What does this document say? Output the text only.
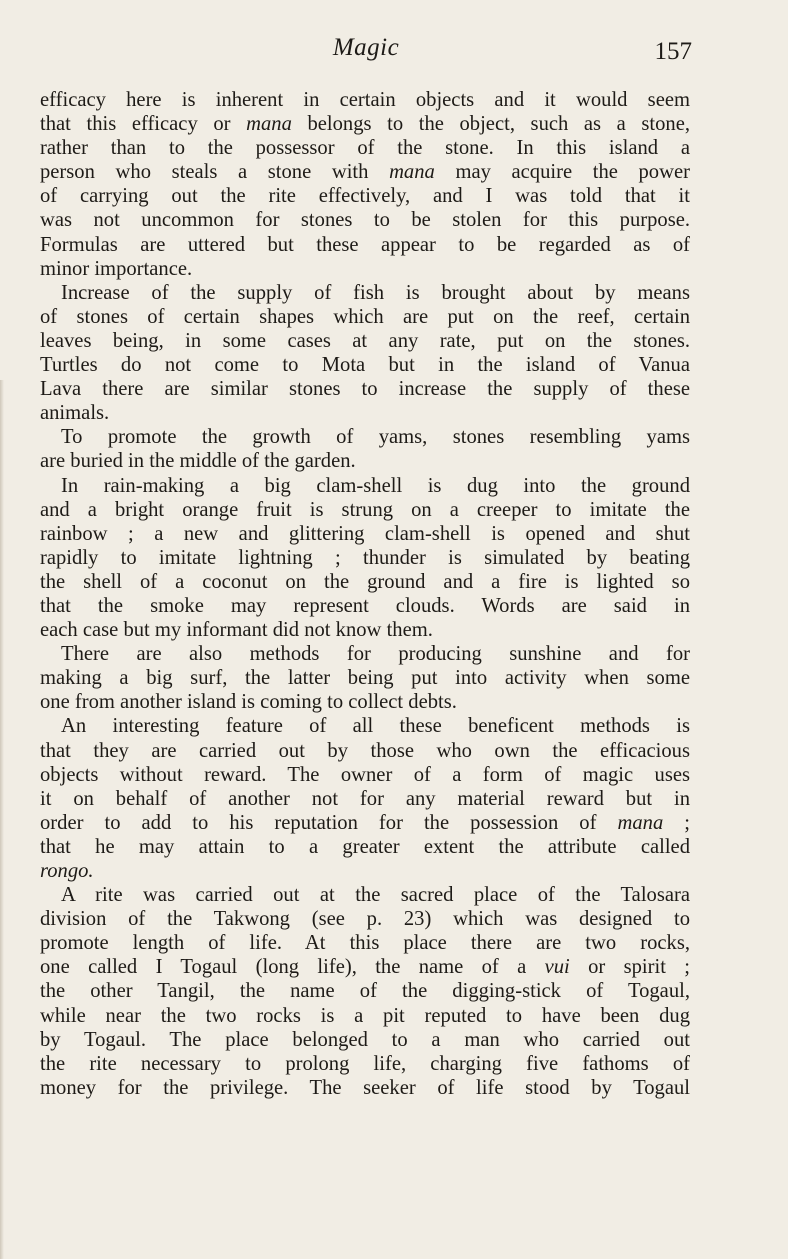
Magic	157
efficacy here is inherent in certain objects and it would seem
that this efficacy or mana belongs to the object, such as a stone,
rather than to the possessor of the stone. In this island a
person who steals a stone with mana may acquire the power
of carrying out the rite effectively, and I was told that it
was not uncommon for stones to be stolen for this purpose.
Formulas are uttered but these appear to be regarded as of
minor importance.
Increase of the supply of fish is brought about by means
of stones of certain shapes which are put on the reef, certain
leaves being, in some cases at any rate, put on the stones.
Turtles do not come to Mota but in the island of Vanua
Lava there are similar stones to increase the supply of these
animals.
To promote the growth of yams, stones resembling yams
are buried in the middle of the garden.
In rain-making a big clam-shell is dug into the ground
and a bright orange fruit is strung on a creeper to imitate the
rainbow ; a new and glittering clam-shell is opened and shut
rapidly to imitate lightning ; thunder is simulated by beating
the shell of a coconut on the ground and a fire is lighted so
that the smoke may represent clouds. Words are said in
each case but my informant did not know them.
There are also methods for producing sunshine and for
making a big surf, the latter being put into activity when some
one from another island is coming to collect debts.
An interesting feature of all these beneficent methods is
that they are carried out by those who own the efficacious
objects without reward. The owner of a form of magic uses
it on behalf of another not for any material reward but in
order to add to his reputation for the possession of mana ;
that he may attain to a greater extent the attribute called
rongo.
A rite was carried out at the sacred place of the Talosara
division of the Takwong (see p. 23) which was designed to
promote length of life. At this place there are two rocks,
one called I Togaul (long life), the name of a vui or spirit ;
the other Tangil, the name of the digging-stick of Togaul,
while near the two rocks is a pit reputed to have been dug
by Togaul. The place belonged to a man who carried out
the rite necessary to prolong life, charging five fathoms of
money for the privilege. The seeker of life stood by Togaul
